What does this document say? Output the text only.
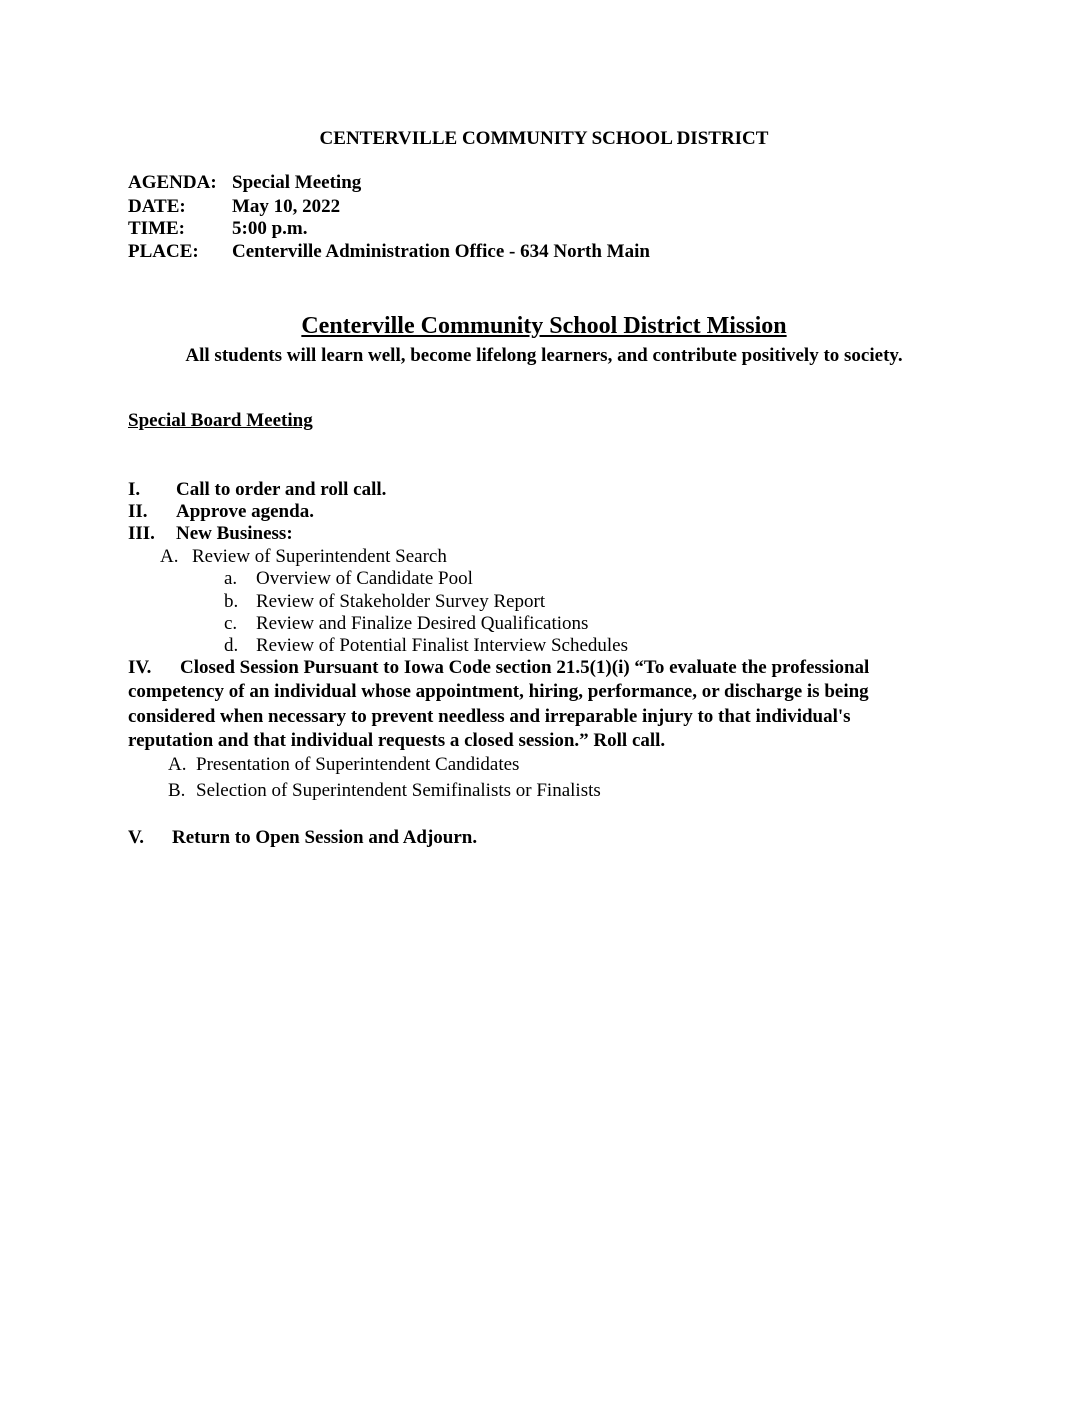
CENTERVILLE COMMUNITY SCHOOL DISTRICT
AGENDA: Special Meeting
DATE: May 10, 2022
TIME: 5:00 p.m.
PLACE: Centerville Administration Office - 634 North Main
Centerville Community School District Mission
All students will learn well, become lifelong learners, and contribute positively to society.
Special Board Meeting
I. Call to order and roll call.
II. Approve agenda.
III. New Business:
A. Review of Superintendent Search
a. Overview of Candidate Pool
b. Review of Stakeholder Survey Report
c. Review and Finalize Desired Qualifications
d. Review of Potential Finalist Interview Schedules
IV. Closed Session Pursuant to Iowa Code section 21.5(1)(i) “To evaluate the professional
competency of an individual whose appointment, hiring, performance, or discharge is being
considered when necessary to prevent needless and irreparable injury to that individual's
reputation and that individual requests a closed session.” Roll call.
A. Presentation of Superintendent Candidates
B. Selection of Superintendent Semifinalists or Finalists
V. Return to Open Session and Adjourn.
